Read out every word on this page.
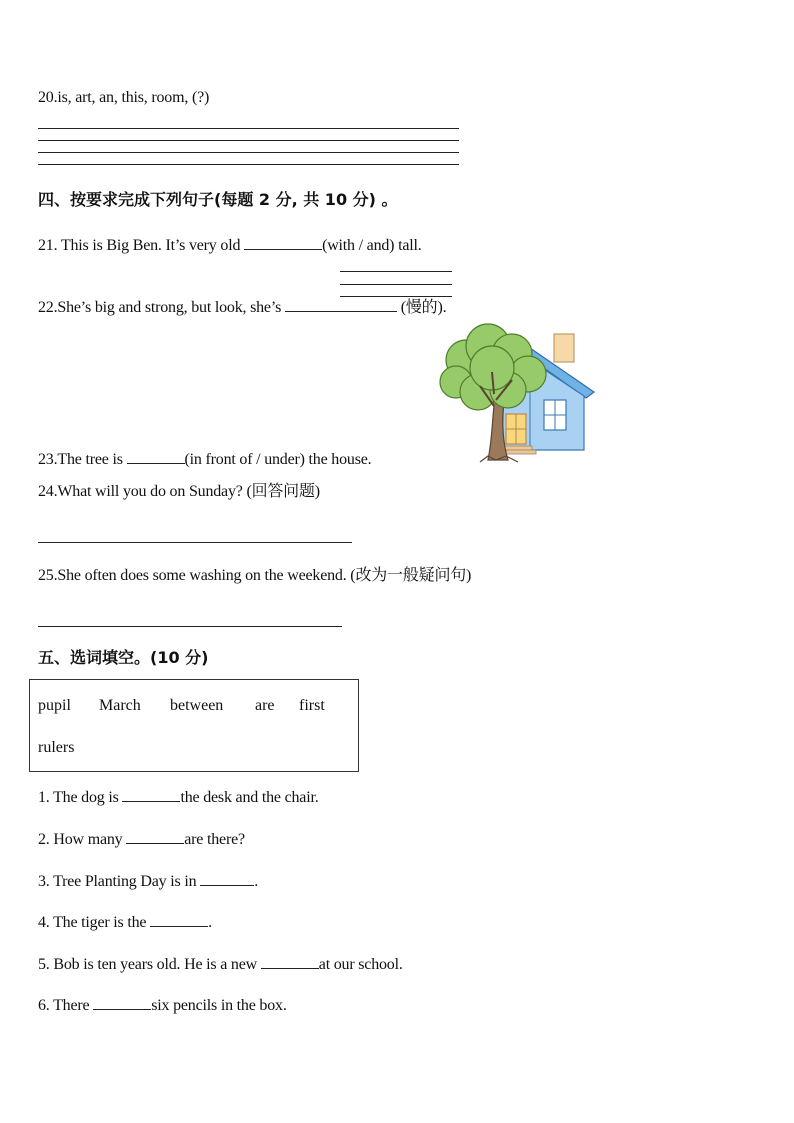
20.is, art, an, this, room, (?)
四、按要求完成下列句子(每题 2 分, 共 10 分) 。
21. This is Big Ben. It’s very old	(with / and) tall.
22.She’s big and strong, but look, she’s	(慢的).
23.The tree is	(in front of / under) the house.
24.What will you do on Sunday? (回答问题)
25.She often does some washing on the weekend. (改为一般疑问句)
五、选词填空。(10 分)
pupil March between are first
rulers
1. The dog is	the desk and the chair.
2. How many	are there?
3. Tree Planting Day is in	.
4. The tiger is the	.
5. Bob is ten years old. He is a new	at our school.
6. There	six pencils in the box.
